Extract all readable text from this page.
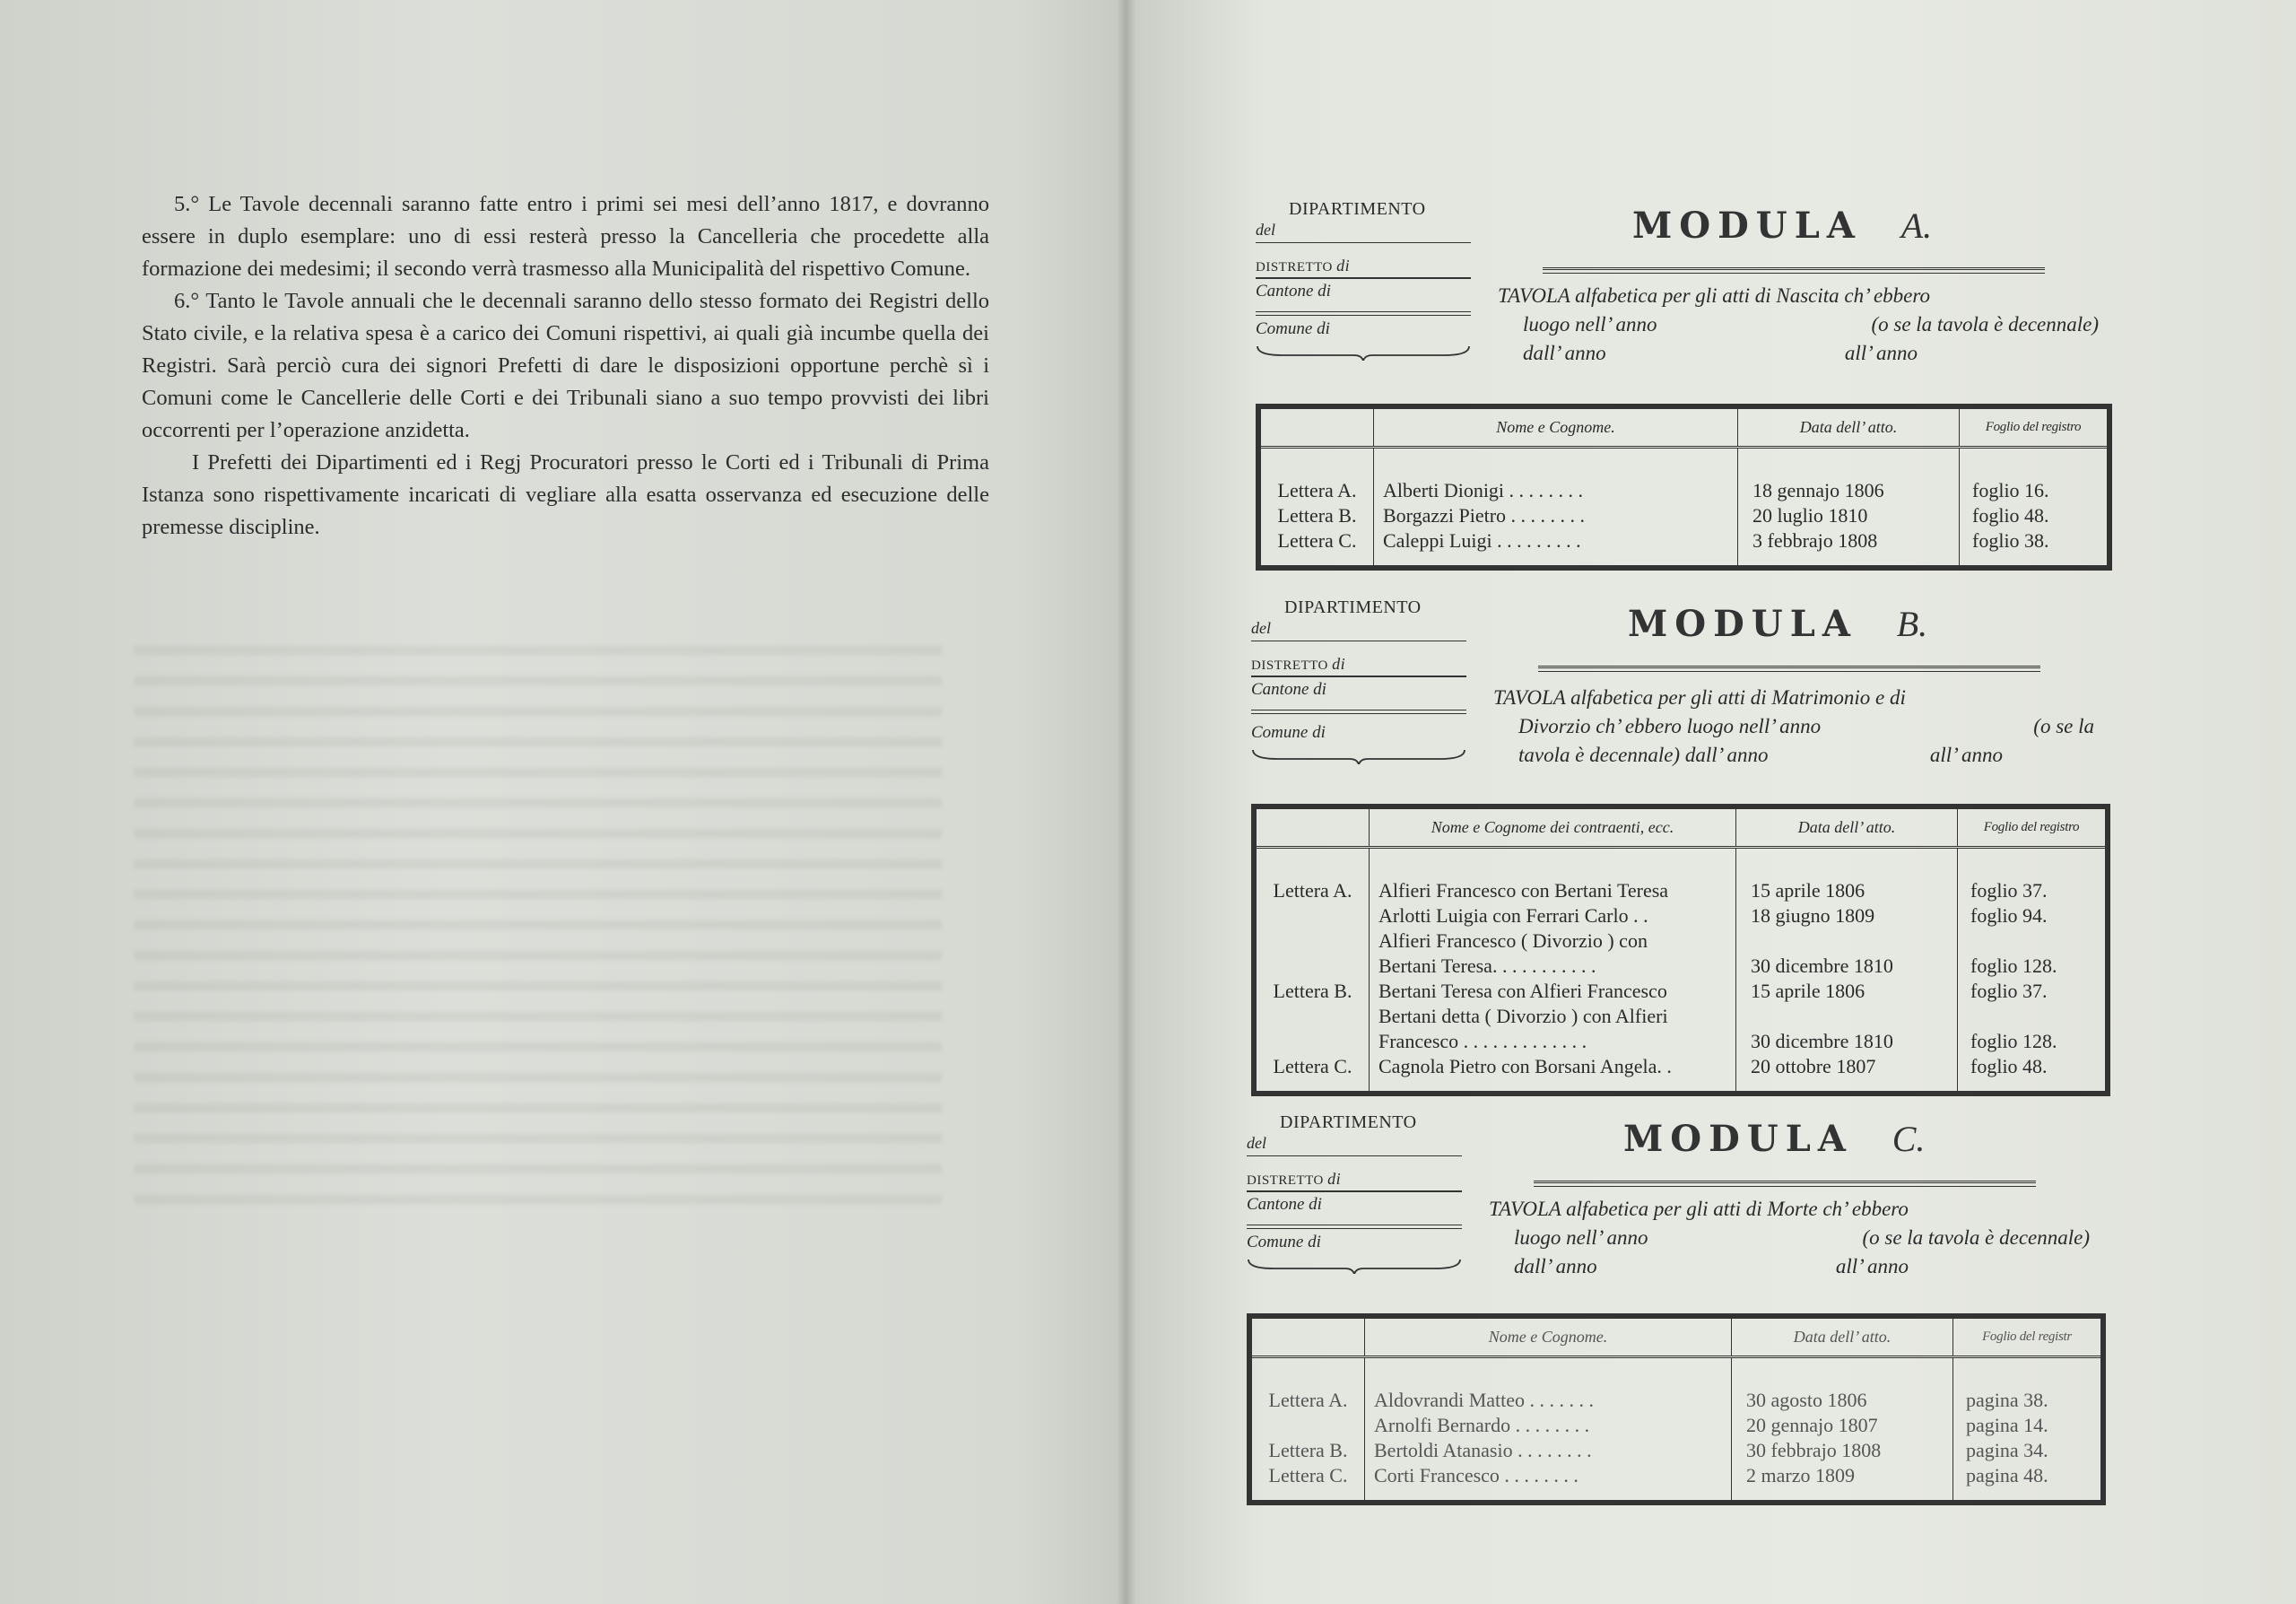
5.° Le Tavole decennali saranno fatte entro i primi sei mesi dell’anno 1817, e dovranno essere in duplo esemplare: uno di essi resterà presso la Cancelleria che procedette alla formazione dei medesimi; il secondo verrà trasmesso alla Municipalità del rispettivo Comune.

6.° Tanto le Tavole annuali che le decennali saranno dello stesso formato dei Registri dello Stato civile, e la relativa spesa è a carico dei Comuni rispettivi, ai quali già incumbe quella dei Registri. Sarà perciò cura dei signori Prefetti di dare le disposizioni opportune perchè sì i Comuni come le Cancellerie delle Corti e dei Tribunali siano a suo tempo provvisti dei libri occorrenti per l’operazione anzidetta.

I Prefetti dei Dipartimenti ed i Regj Procuratori presso le Corti ed i Tribunali di Prima Istanza sono rispettivamente incaricati di vegliare alla esatta osservanza ed esecuzione delle premesse discipline.

DIPARTIMENTO
del
DISTRETTO di
Cantone di
Comune di
MODULA A.
TAVOLA alfabetica per gli atti di Nascita ch’ ebbero
luogo nell’ anno	(o se la tavola è decennale)
dall’ anno	all’ anno
	Nome e Cognome.	Data dell’ atto.	Foglio del registro
Lettera A.	Alberti Dionigi . . . . . . . .	18 gennajo 1806	foglio 16.
Lettera B.	Borgazzi Pietro . . . . . . . .	20 luglio 1810	foglio 48.
Lettera C.	Caleppi Luigi . . . . . . . . .	3 febbrajo 1808	foglio 38.
DIPARTIMENTO
del
DISTRETTO di
Cantone di
Comune di
MODULA B.
TAVOLA alfabetica per gli atti di Matrimonio e di
Divorzio ch’ ebbero luogo nell’ anno	(o se la
tavola è decennale) dall’ anno	all’ anno
	Nome e Cognome dei contraenti, ecc.	Data dell’ atto.	Foglio del registro
Lettera A.	Alfieri Francesco con Bertani Teresa	15 aprile 1806	foglio 37.
	Arlotti Luigia con Ferrari Carlo . .	18 giugno 1809	foglio 94.
	Alfieri Francesco ( Divorzio ) con		
	Bertani Teresa. . . . . . . . . . .	30 dicembre 1810	foglio 128.
Lettera B.	Bertani Teresa con Alfieri Francesco	15 aprile 1806	foglio 37.
	Bertani detta ( Divorzio ) con Alfieri		
	Francesco . . . . . . . . . . . . .	30 dicembre 1810	foglio 128.
Lettera C.	Cagnola Pietro con Borsani Angela. .	20 ottobre 1807	foglio 48.
DIPARTIMENTO
del
DISTRETTO di
Cantone di
Comune di
MODULA C.
TAVOLA alfabetica per gli atti di Morte ch’ ebbero
luogo nell’ anno	(o se la tavola è decennale)
dall’ anno	all’ anno
	Nome e Cognome.	Data dell’ atto.	Foglio del registr
Lettera A.	Aldovrandi Matteo . . . . . . .	30 agosto 1806	pagina 38.
	Arnolfi Bernardo . . . . . . . .	20 gennajo 1807	pagina 14.
Lettera B.	Bertoldi Atanasio . . . . . . . .	30 febbrajo 1808	pagina 34.
Lettera C.	Corti Francesco . . . . . . . .	2 marzo 1809	pagina 48.
